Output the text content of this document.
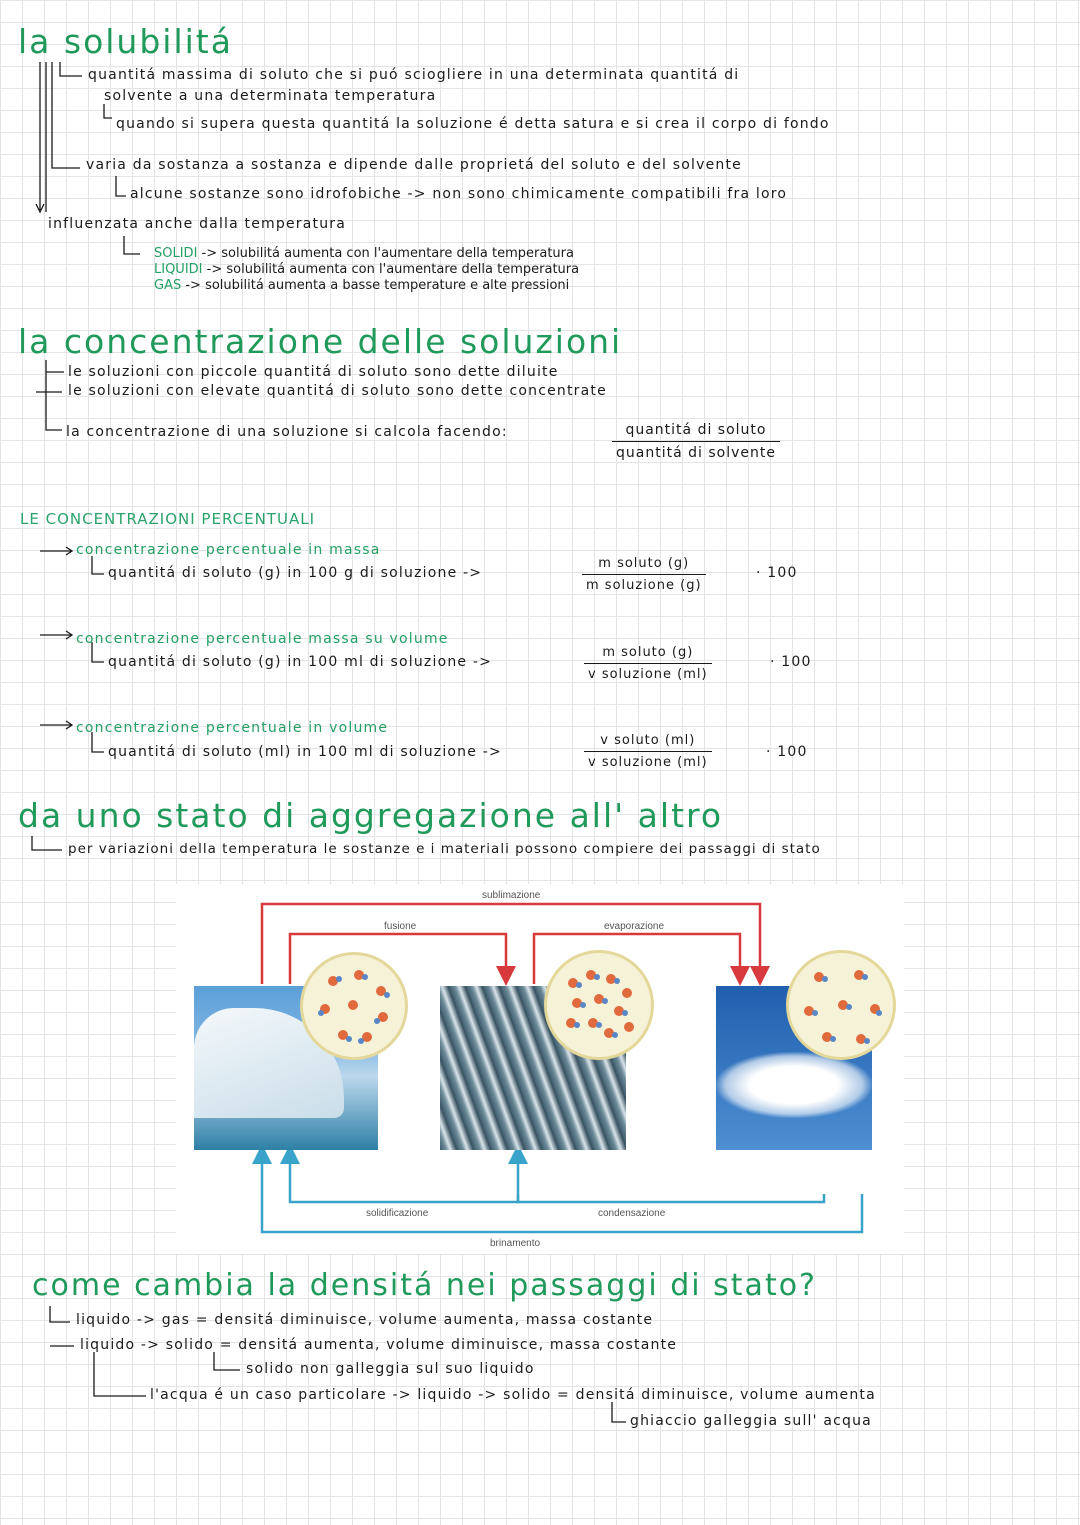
la solubilitá
quantitá massima di soluto che si puó sciogliere in una determinata quantitá di
solvente a una determinata temperatura
quando si supera questa quantitá la soluzione é detta satura e si crea il corpo di fondo
varia da sostanza a sostanza e dipende dalle proprietá del soluto e del solvente
alcune sostanze sono idrofobiche -> non sono chimicamente compatibili fra loro
influenzata anche dalla temperatura
SOLIDI -> solubilitá aumenta con l'aumentare della temperatura
LIQUIDI -> solubilitá aumenta con l'aumentare della temperatura
GAS -> solubilitá aumenta a basse temperature e alte pressioni
la concentrazione delle soluzioni
le soluzioni con piccole quantitá di soluto sono dette diluite
le soluzioni con elevate quantitá di soluto sono dette concentrate
la concentrazione di una soluzione si calcola facendo:	quantitá di soluto
quantitá di solvente
LE CONCENTRAZIONI PERCENTUALI
concentrazione percentuale in massa
quantitá di soluto (g) in 100 g di soluzione ->
m soluto (g)
m soluzione (g)
· 100
concentrazione percentuale massa su volume
quantitá di soluto (g) in 100 ml di soluzione ->
m soluto (g)
v soluzione (ml)
· 100
concentrazione percentuale in volume
quantitá di soluto (ml) in 100 ml di soluzione ->
v soluto (ml)
v soluzione (ml)
· 100
da uno stato di aggregazione all' altro
per variazioni della temperatura le sostanze e i materiali possono compiere dei passaggi di stato
sublimazione
fusione	evaporazione
solidificazione	condensazione
brinamento
come cambia la densitá nei passaggi di stato?
liquido -> gas = densitá diminuisce, volume aumenta, massa costante
liquido -> solido = densitá aumenta, volume diminuisce, massa costante
solido non galleggia sul suo liquido
l'acqua é un caso particolare -> liquido -> solido = densitá diminuisce, volume aumenta
ghiaccio galleggia sull' acqua
